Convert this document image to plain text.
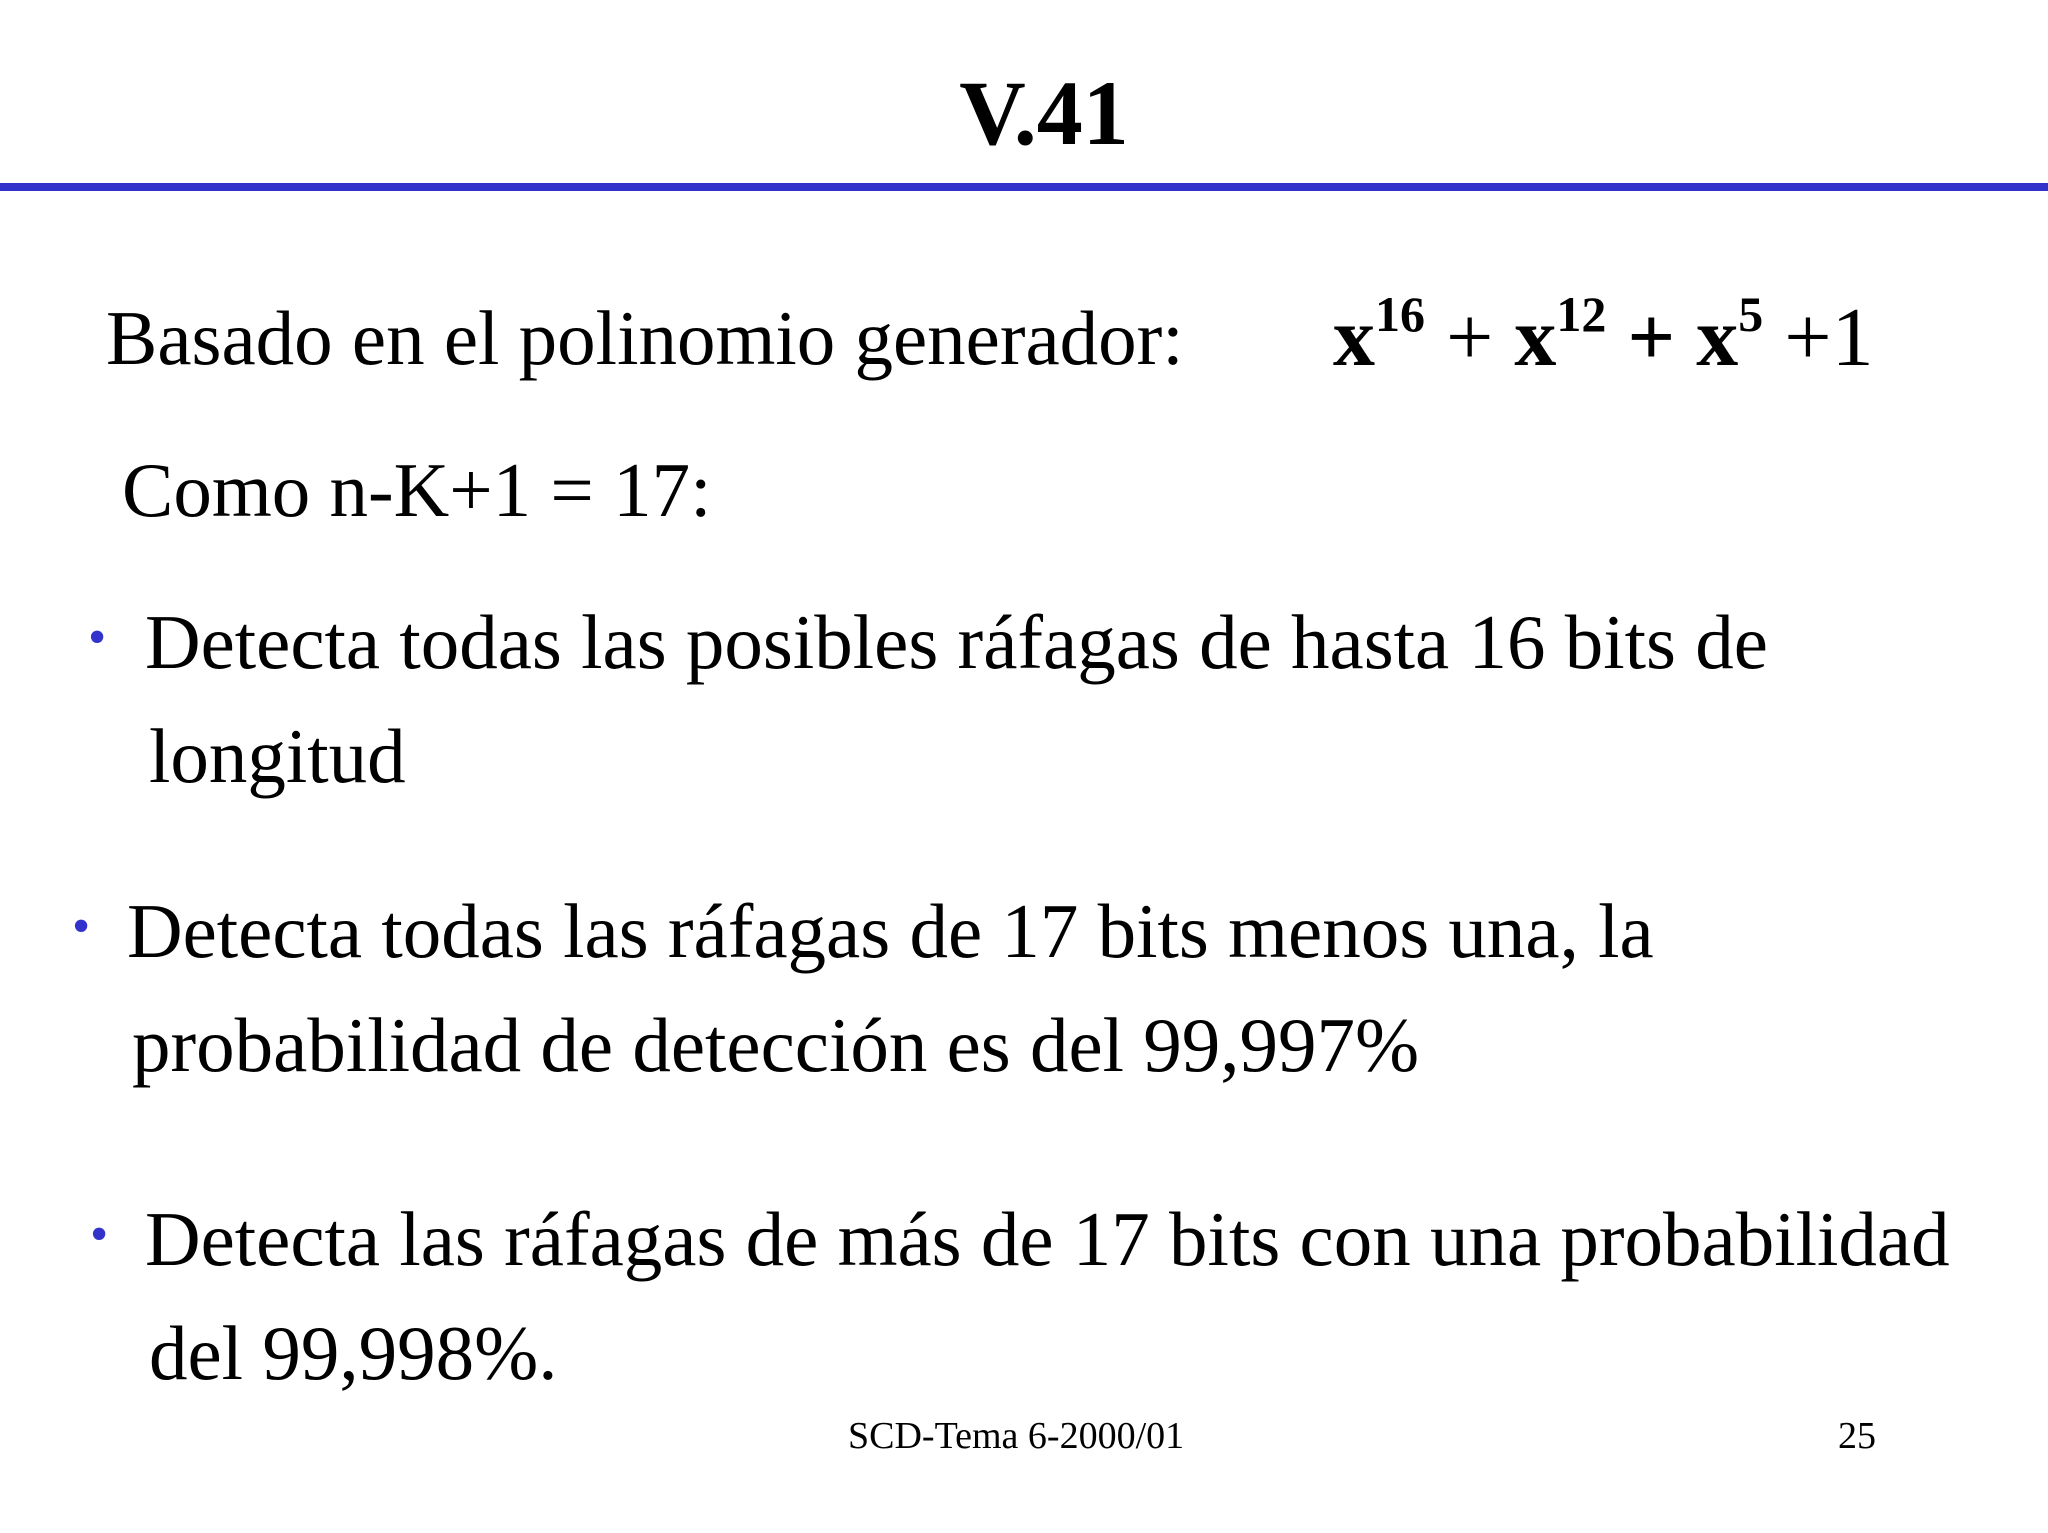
V.41
Basado en el polinomio generador: $x^{16} + x^{12} + x^5 +1$
Como n-K+1 = 17:
• Detecta todas las posibles ráfagas de hasta 16 bits de
longitud
• Detecta todas las ráfagas de 17 bits menos una, la
probabilidad de detección es del 99,997%
• Detecta las ráfagas de más de 17 bits con una probabilidad
del 99,998%.
SCD-Tema 6-2000/01	25
